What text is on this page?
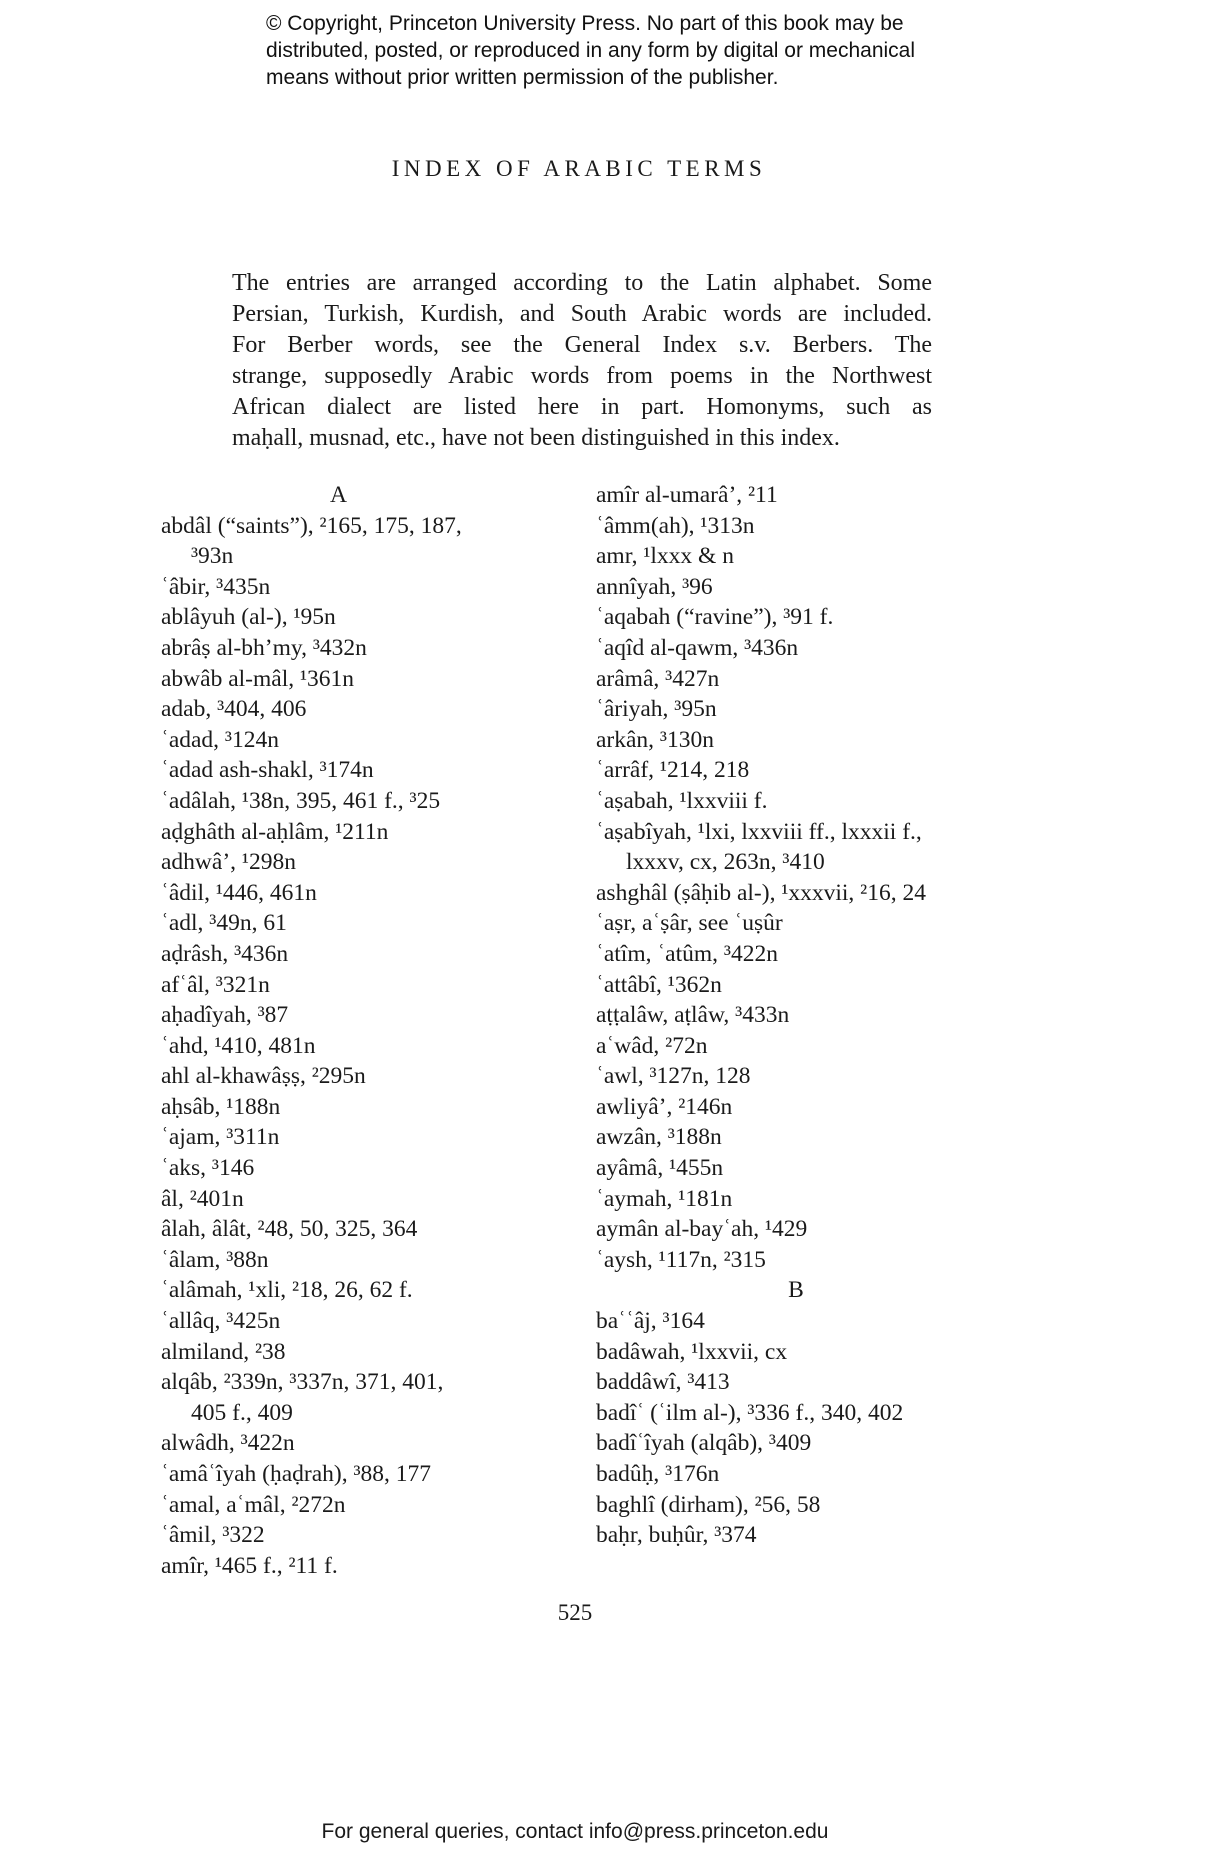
© Copyright, Princeton University Press. No part of this book may be
distributed, posted, or reproduced in any form by digital or mechanical
means without prior written permission of the publisher.
INDEX OF ARABIC TERMS
The entries are arranged according to the Latin alphabet. Some
Persian, Turkish, Kurdish, and South Arabic words are included.
For Berber words, see the General Index s.v. Berbers. The
strange, supposedly Arabic words from poems in the Northwest
African dialect are listed here in part. Homonyms, such as
maḥall, musnad, etc., have not been distinguished in this index.
A
abdâl (“saints”), ²165, 175, 187,
³93n
ʿâbir, ³435n
ablâyuh (al-), ¹95n
abrâṣ al-bh’my, ³432n
abwâb al-mâl, ¹361n
adab, ³404, 406
ʿadad, ³124n
ʿadad ash-shakl, ³174n
ʿadâlah, ¹38n, 395, 461 f., ³25
aḍghâth al-aḥlâm, ¹211n
adhwâ’, ¹298n
ʿâdil, ¹446, 461n
ʿadl, ³49n, 61
aḍrâsh, ³436n
afʿâl, ³321n
aḥadîyah, ³87
ʿahd, ¹410, 481n
ahl al-khawâṣṣ, ²295n
aḥsâb, ¹188n
ʿajam, ³311n
ʿaks, ³146
âl, ²401n
âlah, âlât, ²48, 50, 325, 364
ʿâlam, ³88n
ʿalâmah, ¹xli, ²18, 26, 62 f.
ʿallâq, ³425n
almiland, ²38
alqâb, ²339n, ³337n, 371, 401,
405 f., 409
alwâdh, ³422n
ʿamâʿîyah (ḥaḍrah), ³88, 177
ʿamal, aʿmâl, ²272n
ʿâmil, ³322
amîr, ¹465 f., ²11 f.
amîr al-umarâ’, ²11
ʿâmm(ah), ¹313n
amr, ¹lxxx & n
annîyah, ³96
ʿaqabah (“ravine”), ³91 f.
ʿaqîd al-qawm, ³436n
arâmâ, ³427n
ʿâriyah, ³95n
arkân, ³130n
ʿarrâf, ¹214, 218
ʿaṣabah, ¹lxxviii f.
ʿaṣabîyah, ¹lxi, lxxviii ff., lxxxii f.,
lxxxv, cx, 263n, ³410
ashghâl (ṣâḥib al-), ¹xxxvii, ²16, 24
ʿaṣr, aʿṣâr, see ʿuṣûr
ʿatîm, ʿatûm, ³422n
ʿattâbî, ¹362n
aṭṭalâw, aṭlâw, ³433n
aʿwâd, ²72n
ʿawl, ³127n, 128
awliyâ’, ²146n
awzân, ³188n
ayâmâ, ¹455n
ʿaymah, ¹181n
aymân al-bayʿah, ¹429
ʿaysh, ¹117n, ²315
B
baʿʿâj, ³164
badâwah, ¹lxxvii, cx
baddâwî, ³413
badîʿ (ʿilm al-), ³336 f., 340, 402
badîʿîyah (alqâb), ³409
badûḥ, ³176n
baghlî (dirham), ²56, 58
baḥr, buḥûr, ³374
525
For general queries, contact info@press.princeton.edu
